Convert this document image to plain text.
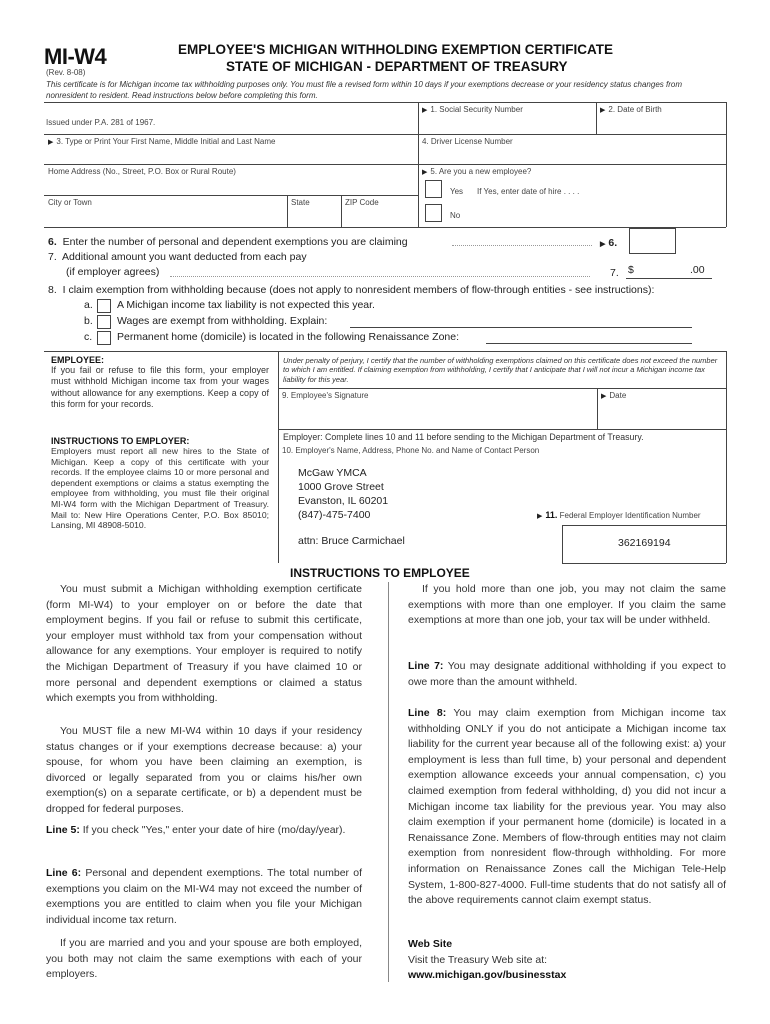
MI-W4
(Rev. 8-08)
EMPLOYEE'S MICHIGAN WITHHOLDING EXEMPTION CERTIFICATE
STATE OF MICHIGAN - DEPARTMENT OF TREASURY
This certificate is for Michigan income tax withholding purposes only. You must file a revised form within 10 days if your exemptions decrease or your residency status changes from nonresident to resident. Read instructions below before completing this form.
Issued under P.A. 281 of 1967.
▶ 1. Social Security Number	▶ 2. Date of Birth
▶ 3. Type or Print Your First Name, Middle Initial and Last Name	4. Driver License Number
Home Address (No., Street, P.O. Box or Rural Route)	▶ 5. Are you a new employee?
Yes If Yes, enter date of hire . . . .
No
City or Town	State	ZIP Code
6. Enter the number of personal and dependent exemptions you are claiming	▶ 6.
7. Additional amount you want deducted from each pay
(if employer agrees)	7. $	.00
8. I claim exemption from withholding because (does not apply to nonresident members of flow-through entities - see instructions):
a. A Michigan income tax liability is not expected this year.
b. Wages are exempt from withholding. Explain:
c. Permanent home (domicile) is located in the following Renaissance Zone:
EMPLOYEE:
If you fail or refuse to file this form, your employer must withhold Michigan income tax from your wages without allowance for any exemptions. Keep a copy of this form for your records.
INSTRUCTIONS TO EMPLOYER:
Employers must report all new hires to the State of Michigan. Keep a copy of this certificate with your records. If the employee claims 10 or more personal and dependent exemptions or claims a status exempting the employee from withholding, you must file their original MI-W4 form with the Michigan Department of Treasury. Mail to: New Hire Operations Center, P.O. Box 85010; Lansing, MI 48908-5010.
Under penalty of perjury, I certify that the number of withholding exemptions claimed on this certificate does not exceed the number to which I am entitled. If claiming exemption from withholding, I certify that I anticipate that I will not incur a Michigan income tax liability for this year.
9. Employee's Signature	▶ Date
Employer: Complete lines 10 and 11 before sending to the Michigan Department of Treasury.
10. Employer's Name, Address, Phone No. and Name of Contact Person
McGaw YMCA
1000 Grove Street
Evanston, IL 60201
(847)-475-7400
attn: Bruce Carmichael
▶ 11. Federal Employer Identification Number
362169194
INSTRUCTIONS TO EMPLOYEE
You must submit a Michigan withholding exemption certificate (form MI-W4) to your employer on or before the date that employment begins. If you fail or refuse to submit this certificate, your employer must withhold tax from your compensation without allowance for any exemptions. Your employer is required to notify the Michigan Department of Treasury if you have claimed 10 or more personal and dependent exemptions or claimed a status which exempts you from withholding.
You MUST file a new MI-W4 within 10 days if your residency status changes or if your exemptions decrease because: a) your spouse, for whom you have been claiming an exemption, is divorced or legally separated from you or claims his/her own exemption(s) on a separate certificate, or b) a dependent must be dropped for federal purposes.
Line 5: If you check "Yes," enter your date of hire (mo/day/year).
Line 6: Personal and dependent exemptions. The total number of exemptions you claim on the MI-W4 may not exceed the number of exemptions you are entitled to claim when you file your Michigan individual income tax return.
If you are married and you and your spouse are both employed, you both may not claim the same exemptions with each of your employers.
If you hold more than one job, you may not claim the same exemptions with more than one employer. If you claim the same exemptions at more than one job, your tax will be under withheld.
Line 7: You may designate additional withholding if you expect to owe more than the amount withheld.
Line 8: You may claim exemption from Michigan income tax withholding ONLY if you do not anticipate a Michigan income tax liability for the current year because all of the following exist: a) your employment is less than full time, b) your personal and dependent exemption allowance exceeds your annual compensation, c) you claimed exemption from federal withholding, d) you did not incur a Michigan income tax liability for the previous year. You may also claim exemption if your permanent home (domicile) is located in a Renaissance Zone. Members of flow-through entities may not claim exemption from nonresident flow-through withholding. For more information on Renaissance Zones call the Michigan Tele-Help System, 1-800-827-4000. Full-time students that do not satisfy all of the above requirements cannot claim exempt status.
Web Site
Visit the Treasury Web site at:
www.michigan.gov/businesstax
